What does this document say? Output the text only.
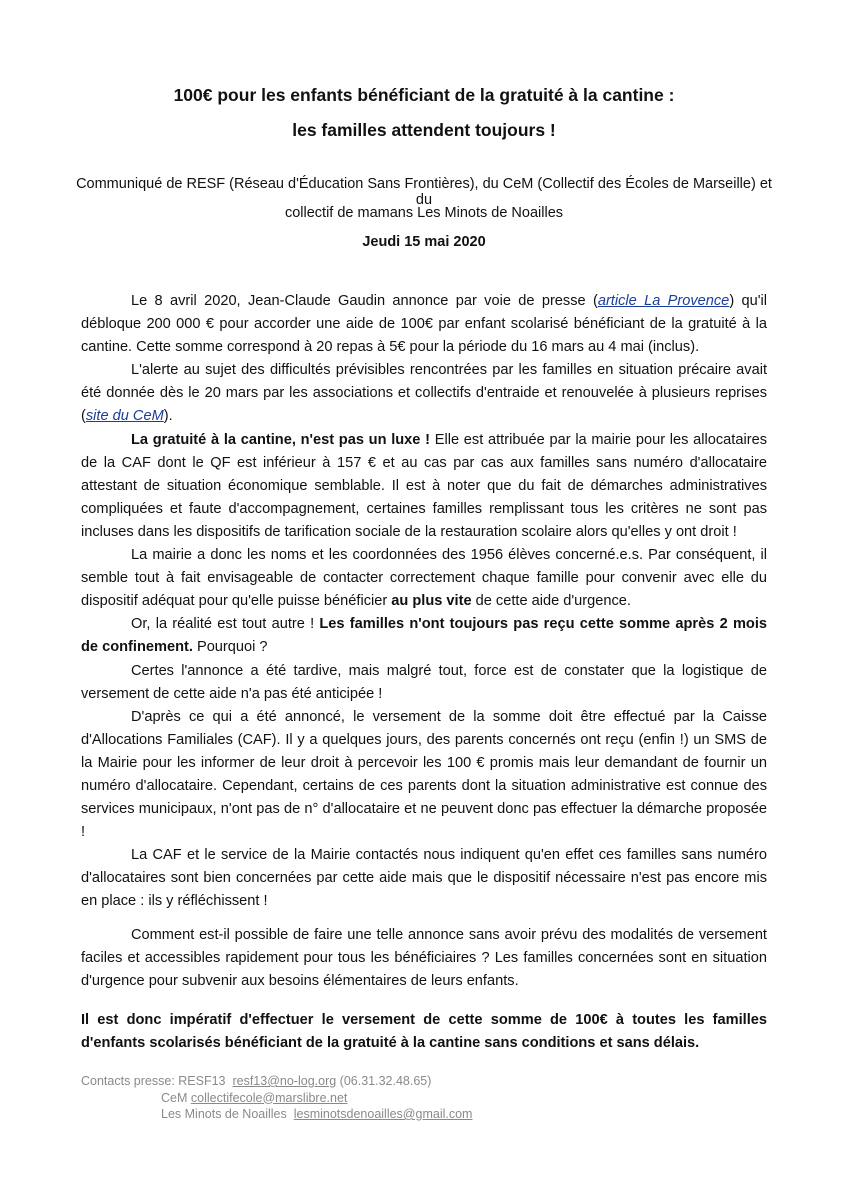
100€ pour les enfants bénéficiant de la gratuité à la cantine :
les familles attendent toujours !
Communiqué de RESF (Réseau d'Éducation Sans Frontières), du CeM (Collectif des Écoles de Marseille) et du
collectif de mamans Les Minots de Noailles
Jeudi 15 mai 2020

Le 8 avril 2020, Jean-Claude Gaudin annonce par voie de presse (article La Provence) qu'il débloque 200 000 € pour accorder une aide de 100€ par enfant scolarisé bénéficiant de la gratuité à la cantine. Cette somme correspond à 20 repas à 5€ pour la période du 16 mars au 4 mai (inclus).

L'alerte au sujet des difficultés prévisibles rencontrées par les familles en situation précaire avait été donnée dès le 20 mars par les associations et collectifs d'entraide et renouvelée à plusieurs reprises (site du CeM).

La gratuité à la cantine, n'est pas un luxe ! Elle est attribuée par la mairie pour les allocataires de la CAF dont le QF est inférieur à 157 € et au cas par cas aux familles sans numéro d'allocataire attestant de situation économique semblable. Il est à noter que du fait de démarches administratives compliquées et faute d'accompagnement, certaines familles remplissant tous les critères ne sont pas incluses dans les dispositifs de tarification sociale de la restauration scolaire alors qu'elles y ont droit !

La mairie a donc les noms et les coordonnées des 1956 élèves concerné.e.s. Par conséquent, il semble tout à fait envisageable de contacter correctement chaque famille pour convenir avec elle du dispositif adéquat pour qu'elle puisse bénéficier au plus vite de cette aide d'urgence.

Or, la réalité est tout autre ! Les familles n'ont toujours pas reçu cette somme après 2 mois de confinement. Pourquoi ?

Certes l'annonce a été tardive, mais malgré tout, force est de constater que la logistique de versement de cette aide n'a pas été anticipée !

D'après ce qui a été annoncé, le versement de la somme doit être effectué par la Caisse d'Allocations Familiales (CAF). Il y a quelques jours, des parents concernés ont reçu (enfin !) un SMS de la Mairie pour les informer de leur droit à percevoir les 100 € promis mais leur demandant de fournir un numéro d'allocataire. Cependant, certains de ces parents dont la situation administrative est connue des services municipaux, n'ont pas de n° d'allocataire et ne peuvent donc pas effectuer la démarche proposée !

La CAF et le service de la Mairie contactés nous indiquent qu'en effet ces familles sans numéro d'allocataires sont bien concernées par cette aide mais que le dispositif nécessaire n'est pas encore mis en place : ils y réfléchissent !

Comment est-il possible de faire une telle annonce sans avoir prévu des modalités de versement faciles et accessibles rapidement pour tous les bénéficiaires ? Les familles concernées sont en situation d'urgence pour subvenir aux besoins élémentaires de leurs enfants.

Il est donc impératif d'effectuer le versement de cette somme de 100€ à toutes les familles d'enfants scolarisés bénéficiant de la gratuité à la cantine sans conditions et sans délais.

Contacts presse: RESF13 resf13@no-log.org (06.31.32.48.65)
CeM collectifecole@marslibre.net
Les Minots de Noailles lesminotsdenoailles@gmail.com
